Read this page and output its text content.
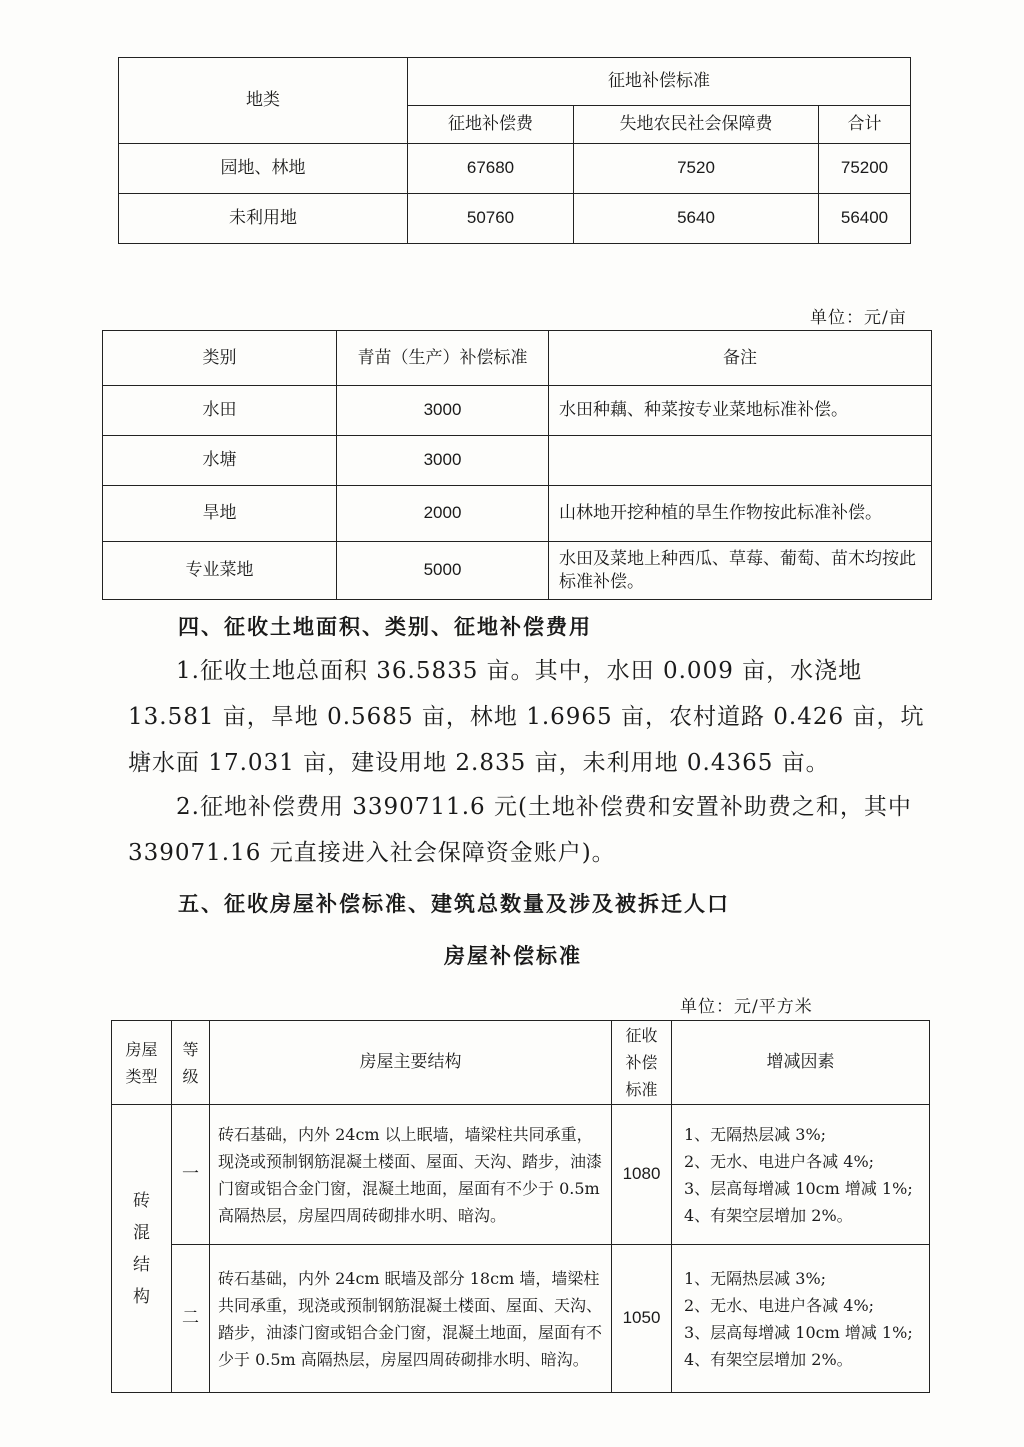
地类	征地补偿标准		
	征地补偿费	失地农民社会保障费	合计
园地、林地	67680	7520	75200
未利用地	50760	5640	56400
单位：元/亩
类别	青苗（生产）补偿标准	备注
水田	3000	水田种藕、种菜按专业菜地标准补偿。
水塘	3000	
旱地	2000	山林地开挖种植的旱生作物按此标准补偿。
专业菜地	5000	水田及菜地上种西瓜、草莓、葡萄、苗木均按此标准补偿。
四、征收土地面积、类别、征地补偿费用

1.征收土地总面积 36.5835 亩。其中，水田 0.009 亩，水浇地 13.581 亩，旱地 0.5685 亩，林地 1.6965 亩，农村道路 0.426 亩，坑塘水面 17.031 亩，建设用地 2.835 亩，未利用地 0.4365 亩。

2.征地补偿费用 3390711.6 元(土地补偿费和安置补助费之和，其中 339071.16 元直接进入社会保障资金账户)。

五、征收房屋补偿标准、建筑总数量及涉及被拆迁人口
房屋补偿标准
单位：元/平方米
房屋类型	等级	房屋主要结构	征收补偿标准	增减因素
砖混结构	一	砖石基础，内外 24cm 以上眠墙，墙梁柱共同承重，现浇或预制钢筋混凝土楼面、屋面、天沟、踏步，油漆门窗或铝合金门窗，混凝土地面，屋面有不少于 0.5m 高隔热层，房屋四周砖砌排水明、暗沟。	1080	1、无隔热层减 3%;
2、无水、电进户各减 4%;
3、层高每增减 10cm 增减 1%;
4、有架空层增加 2%。

	二	砖石基础，内外 24cm 眠墙及部分 18cm 墙，墙梁柱共同承重，现浇或预制钢筋混凝土楼面、屋面、天沟、踏步，油漆门窗或铝合金门窗，混凝土地面，屋面有不少于 0.5m 高隔热层，房屋四周砖砌排水明、暗沟。	1050	1、无隔热层减 3%;
2、无水、电进户各减 4%;
3、层高每增减 10cm 增减 1%;
4、有架空层增加 2%。
